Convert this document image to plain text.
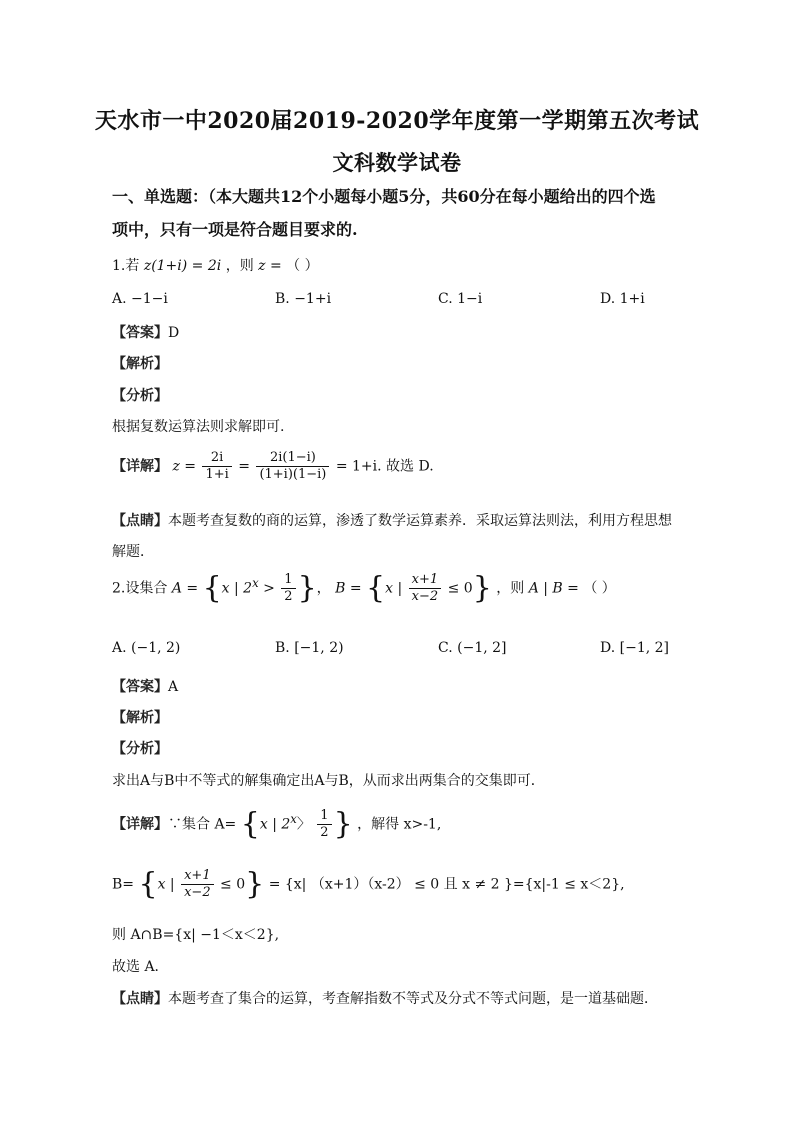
天水市一中2020届2019-2020学年度第一学期第五次考试
文科数学试卷
一、单选题：（本大题共12个小题每小题5分，共60分在每小题给出的四个选
项中，只有一项是符合题目要求的.
1.若 z(1+i) = 2i ，则 z = （ ）
A. −1−i	B. −1+i	C. 1−i	D. 1+i
【答案】D
【解析】
【分析】
根据复数运算法则求解即可.
【详解】 $z = \frac{2i}{1+i} = \frac{2i(1-i)}{(1+i)(1-i)} = 1+i$. 故选 D.
【点睛】本题考查复数的商的运算，渗透了数学运算素养．采取运算法则法，利用方程思想
解题．
2.设集合 A = {x | $2^x > \frac{1}{2}$ }， B = {x | $\frac{x+1}{x-2} \le 0$} ，则 A | B = （ ）
A. (−1, 2)	B. [−1, 2)	C. (−1, 2]	D. [−1, 2]
【答案】A
【解析】
【分析】
求出A与B中不等式的解集确定出A与B，从而求出两集合的交集即可．
【详解】∵集合 A= {x | 2$^x$〉 $\frac{1}{2}$ } ，解得 x>-1,
B= {x | $\frac{x+1}{x-2} \le 0\} = \{x|$ （x+1）（x-2） ≤ 0 且 x ≠ 2 }={x|-1 ≤ x＜2},
则 A∩B={x| −1＜x＜2},
故选 A．
【点睛】本题考查了集合的运算，考查解指数不等式及分式不等式问题，是一道基础题．
